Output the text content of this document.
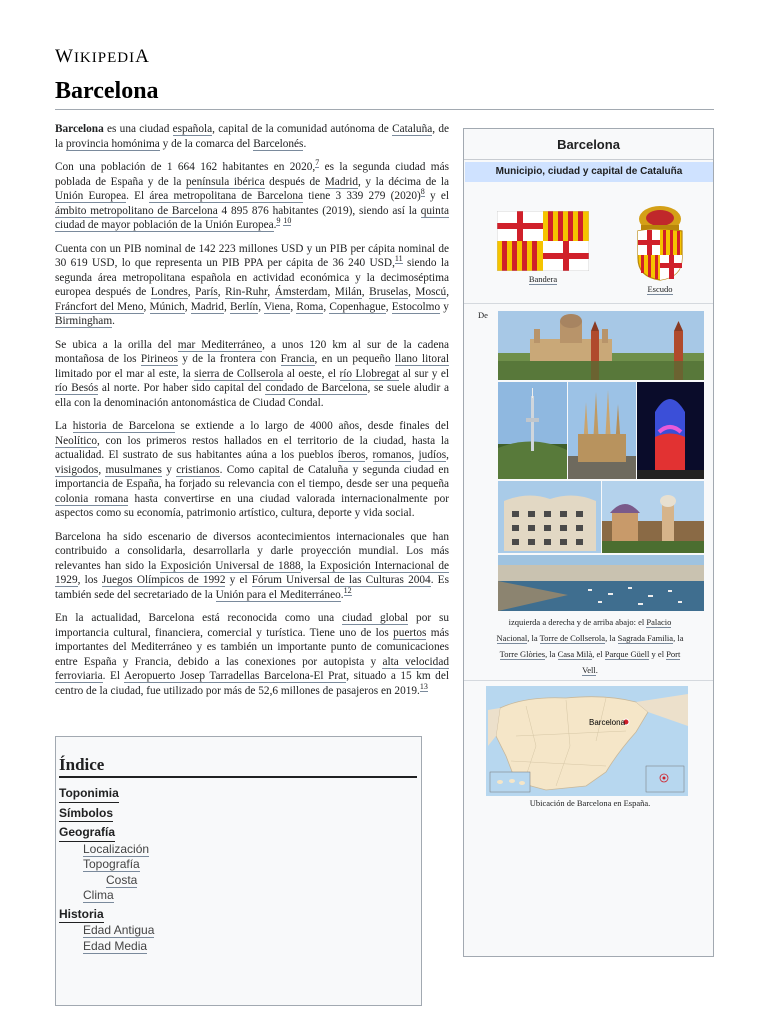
WIKIPEDIA
Barcelona

Barcelona es una ciudad española, capital de la comunidad autónoma de Cataluña, de la provincia homónima y de la comarca del Barcelonés.

Con una población de 1 664 162 habitantes en 2020,$^7$ es la segunda ciudad más poblada de España y de la península ibérica después de Madrid, y la décima de la Unión Europea. El área metropolitana de Barcelona tiene 3 339 279 $(2020)^8$ y el ámbito metropolitano de Barcelona 4 895 876 habitantes (2019), siendo así la quinta ciudad de mayor población de la Unión Europea.$^9$ $^{10}$

Cuenta con un PIB nominal de 142 223 millones USD y un PIB per cápita nominal de 30 619 USD, lo que representa un PIB PPA per cápita de 36 240 USD,$^{11}$ siendo la segunda área metropolitana española en actividad económica y la decimoséptima europea después de Londres, París, Rin-Ruhr, Ámsterdam, Milán, Bruselas, Moscú, Fráncfort del Meno, Múnich, Madrid, Berlín, Viena, Roma, Copenhague, Estocolmo y Birmingham.

Se ubica a la orilla del mar Mediterráneo, a unos 120 km al sur de la cadena montañosa de los Pirineos y de la frontera con Francia, en un pequeño llano litoral limitado por el mar al este, la sierra de Collserola al oeste, el río Llobregat al sur y el río Besós al norte. Por haber sido capital del condado de Barcelona, se suele aludir a ella con la denominación antonomástica de Ciudad Condal.

La historia de Barcelona se extiende a lo largo de 4000 años, desde finales del Neolítico, con los primeros restos hallados en el territorio de la ciudad, hasta la actualidad. El sustrato de sus habitantes aúna a los pueblos íberos, romanos, judíos, visigodos, musulmanes y cristianos. Como capital de Cataluña y segunda ciudad en importancia de España, ha forjado su relevancia con el tiempo, desde ser una pequeña colonia romana hasta convertirse en una ciudad valorada internacionalmente por aspectos como su economía, patrimonio artístico, cultura, deporte y vida social.

Barcelona ha sido escenario de diversos acontecimientos internacionales que han contribuido a consolidarla, desarrollarla y darle proyección mundial. Los más relevantes han sido la Exposición Universal de 1888, la Exposición Internacional de 1929, los Juegos Olímpicos de 1992 y el Fórum Universal de las Culturas 2004. Es también sede del secretariado de la Unión para el Mediterráneo.$^{12}$

En la actualidad, Barcelona está reconocida como una ciudad global por su importancia cultural, financiera, comercial y turística. Tiene uno de los puertos más importantes del Mediterráneo y es también un importante punto de comunicaciones entre España y Francia, debido a las conexiones por autopista y alta velocidad ferroviaria. El Aeropuerto Josep Tarradellas Barcelona-El Prat, situado a 15 km del centro de la ciudad, fue utilizado por más de 52,6 millones de pasajeros en 2019.13

Índice
Toponimia
Símbolos
Geografía
Localización
Topografía
Costa
Clima
Historia
Edad Antigua
Edad Media
Barcelona
Municipio, ciudad y capital de Cataluña
Bandera
Escudo
De
izquierda a derecha y de arriba abajo: el Palacio
Nacional, la Torre de Collserola, la Sagrada Familia, la
Torre Glòries, la Casa Milà, el Parque Güell y el Port
Vell.
Barcelona
Ubicación de Barcelona en España.
